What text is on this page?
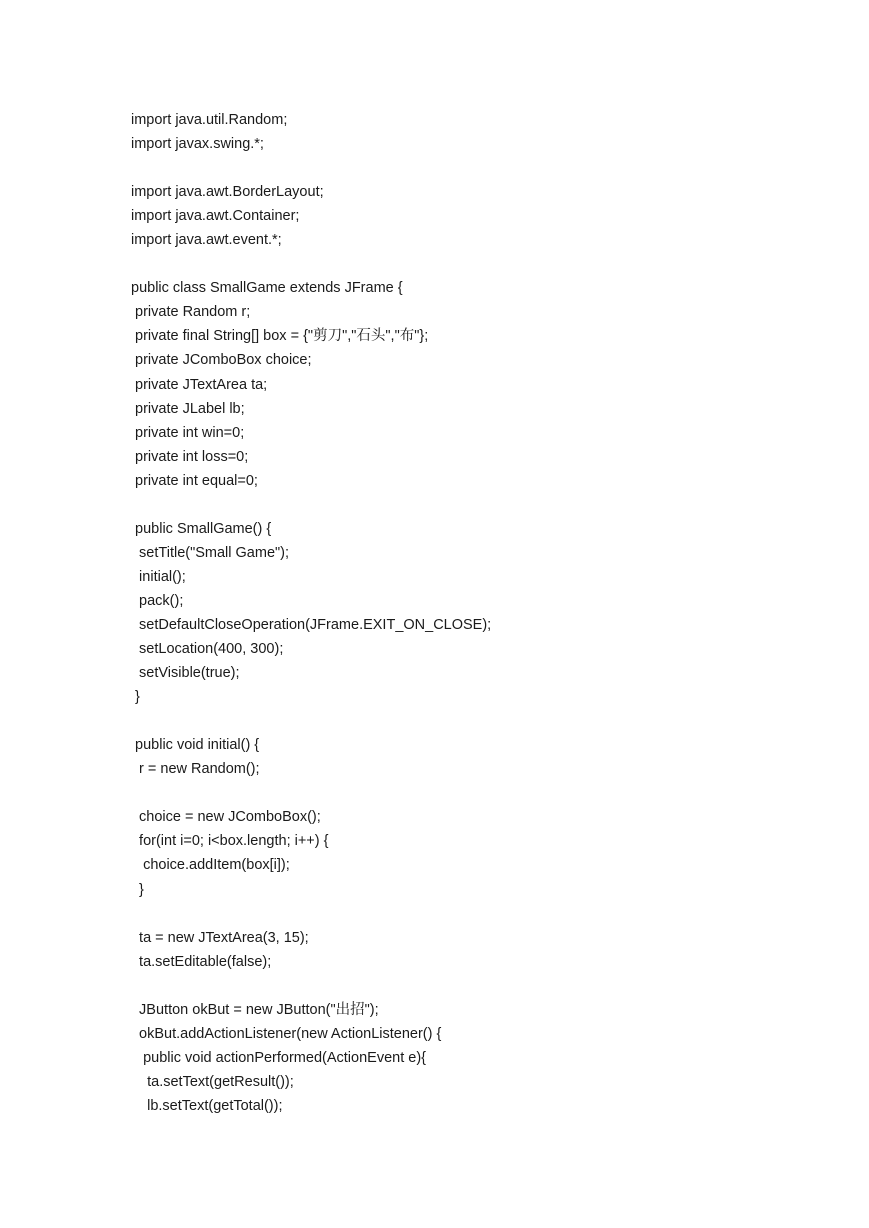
import java.util.Random;
import javax.swing.*;
import java.awt.BorderLayout;
import java.awt.Container;
import java.awt.event.*;
public class SmallGame extends JFrame {
private Random r;
private final String[] box = {"剪刀","石头","布"};
private JComboBox choice;
private JTextArea ta;
private JLabel lb;
private int win=0;
private int loss=0;
private int equal=0;
public SmallGame() {
setTitle("Small Game");
initial();
pack();
setDefaultCloseOperation(JFrame.EXIT_ON_CLOSE);
setLocation(400, 300);
setVisible(true);
}
public void initial() {
r = new Random();
choice = new JComboBox();
for(int i=0; i<box.length; i++) {
choice.addItem(box[i]);
}
ta = new JTextArea(3, 15);
ta.setEditable(false);
JButton okBut = new JButton("出招");
okBut.addActionListener(new ActionListener() {
public void actionPerformed(ActionEvent e){
ta.setText(getResult());
lb.setText(getTotal());
